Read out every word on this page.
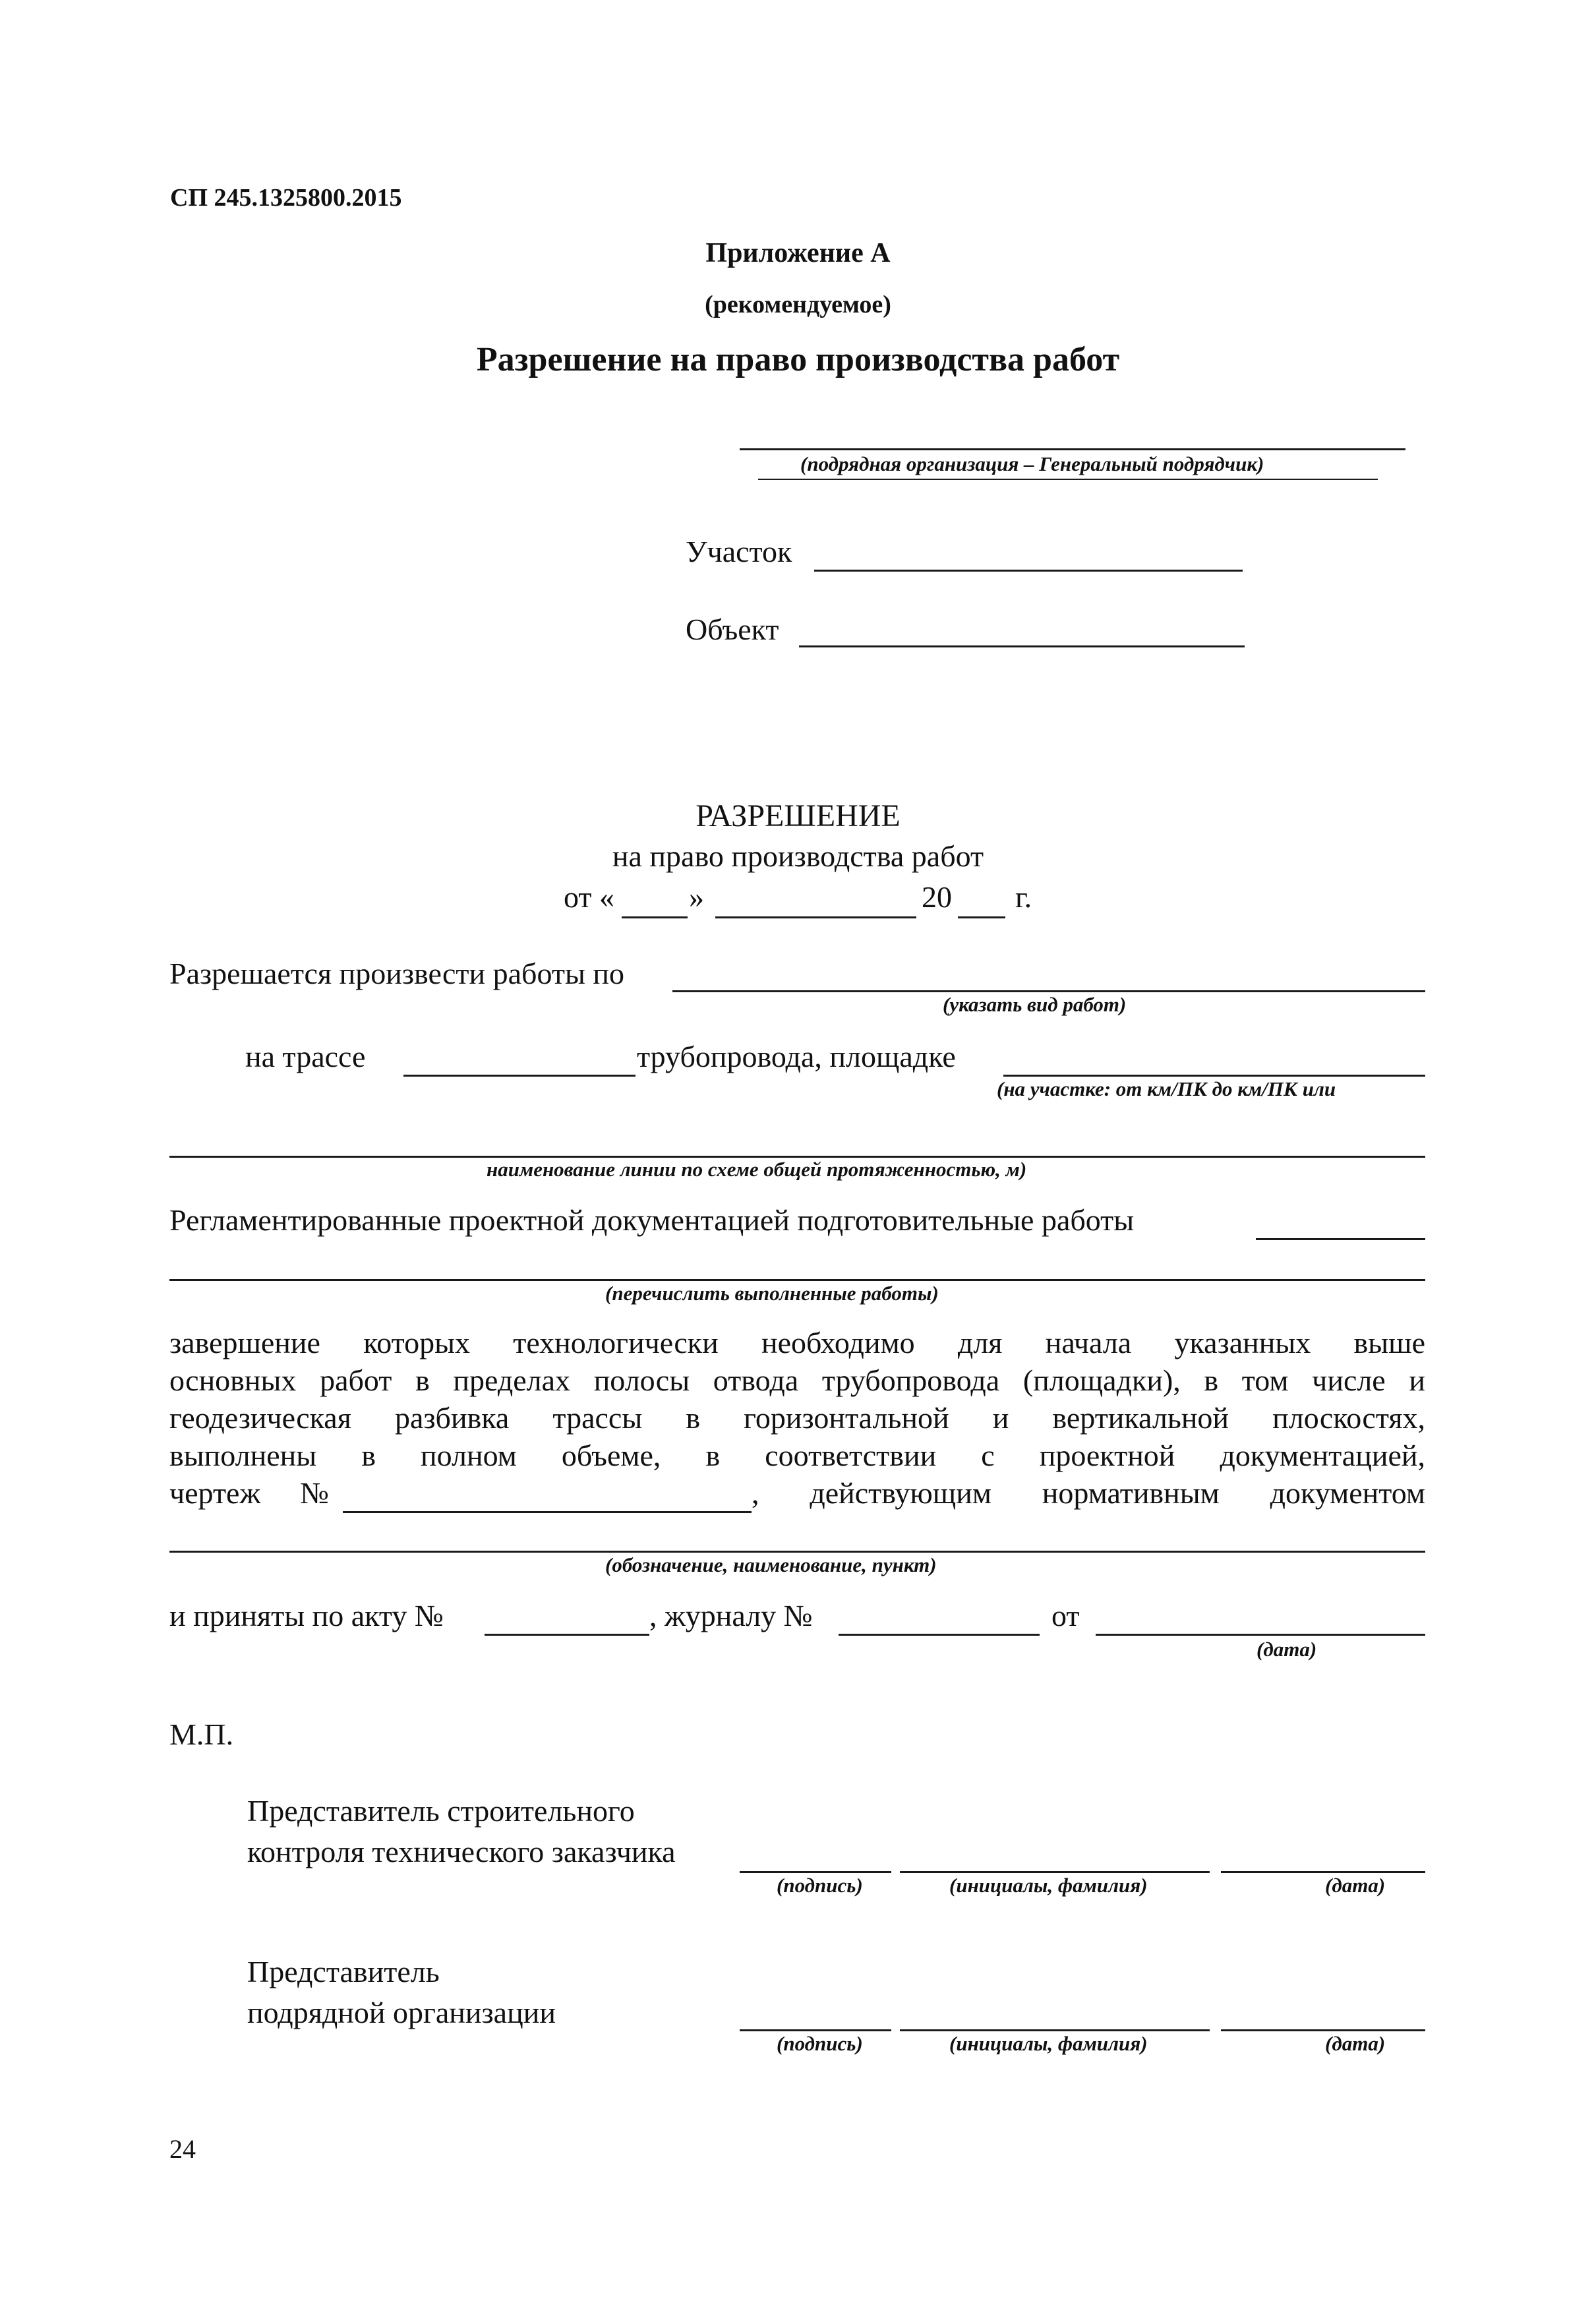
СП 245.1325800.2015
Приложение А
(рекомендуемое)
Разрешение на право производства работ
(подрядная организация – Генеральный подрядчик)
Участок
Объект
РАЗРЕШЕНИЕ
на право производства работ
от « »	20 г.
Разрешается произвести работы по
(указать вид работ)
на трассе	трубопровода, площадке
(на участке: от км/ПК до км/ПК или
наименование линии по схеме общей протяженностью, м)
Регламентированные проектной документацией подготовительные работы
(перечислить выполненные работы)
завершение которых технологически необходимо для начала указанных выше
основных работ в пределах полосы отвода трубопровода (площадки), в том числе и
геодезическая разбивка трассы в горизонтальной и вертикальной плоскостях,
выполнены в полном объеме, в соответствии с проектной документацией,
чертеж №	, действующим нормативным документом
(обозначение, наименование, пункт)
и приняты по акту №	, журналу №	от
(дата)
М.П.
Представитель строительного
контроля технического заказчика
(подпись)	(инициалы, фамилия)	(дата)
Представитель
подрядной организации
(подпись)	(инициалы, фамилия)	(дата)
24
